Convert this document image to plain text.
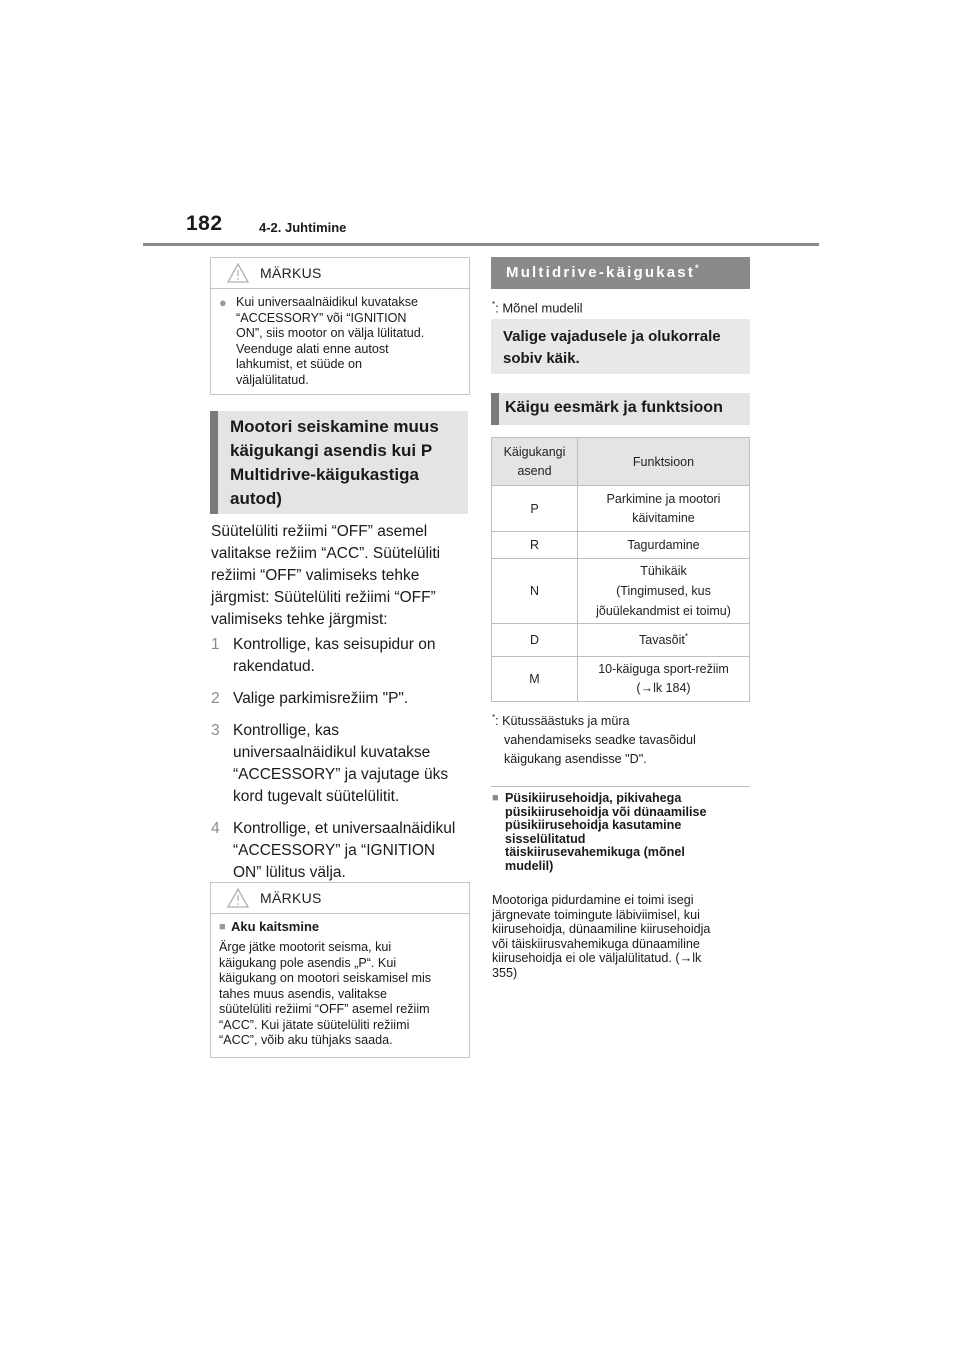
182	4-2. Juhtimine
MÄRKUS
● Kui universaalnäidikul kuvatakse
“ACCESSORY” või “IGNITION
ON”, siis mootor on välja lülitatud.
Veenduge alati enne autost
lahkumist, et süüde on
väljalülitatud.
Mootori seiskamine muus
käigukangi asendis kui P
Multidrive-käigukastiga
autod)
Süütelüliti režiimi “OFF” asemel
valitakse režiim “ACC”. Süütelüliti
režiimi “OFF” valimiseks tehke
järgmist: Süütelüliti režiimi “OFF”
valimiseks tehke järgmist:
1 Kontrollige, kas seisupidur on
rakendatud.
2 Valige parkimisrežiim "P".
3 Kontrollige, kas
universaalnäidikul kuvatakse
“ACCESSORY” ja vajutage üks
kord tugevalt süütelülitit.
4 Kontrollige, et universaalnäidikul
“ACCESSORY” ja “IGNITION
ON” lülitus välja.
MÄRKUS
■ Aku kaitsmine
Ärge jätke mootorit seisma, kui
käigukang pole asendis „P“. Kui
käigukang on mootori seiskamisel mis
tahes muus asendis, valitakse
süütelüliti režiimi “OFF” asemel režiim
“ACC”. Kui jätate süütelüliti režiimi
“ACC”, võib aku tühjaks saada.
Multidrive-käigukast*
*: Mõnel mudelil
Valige vajadusele ja olukorrale
sobiv käik.
Käigu eesmärk ja funktsioon
Käigukangi
asend	Funktsioon
P	Parkimine ja mootori
käivitamine

R	Tagurdamine
N	Tühikäik
(Tingimused, kus
jõuülekandmist ei toimu)

D	Tavasõit*
M	10-käiguga sport-režiim
(→lk 184)
*: Kütussäästuks ja müra
vahendamiseks seadke tavasõidul
käigukang asendisse "D".
■ Püsikiirusehoidja, pikivahega
püsikiirusehoidja või dünaamilise
püsikiirusehoidja kasutamine
sisselülitatud
täiskiirusevahemikuga (mõnel
mudelil)
Mootoriga pidurdamine ei toimi isegi
järgnevate toimingute läbiviimisel, kui
kiirusehoidja, dünaamiline kiirusehoidja
või täiskiirusvahemikuga dünaamiline
kiirusehoidja ei ole väljalülitatud. (→lk
355)
